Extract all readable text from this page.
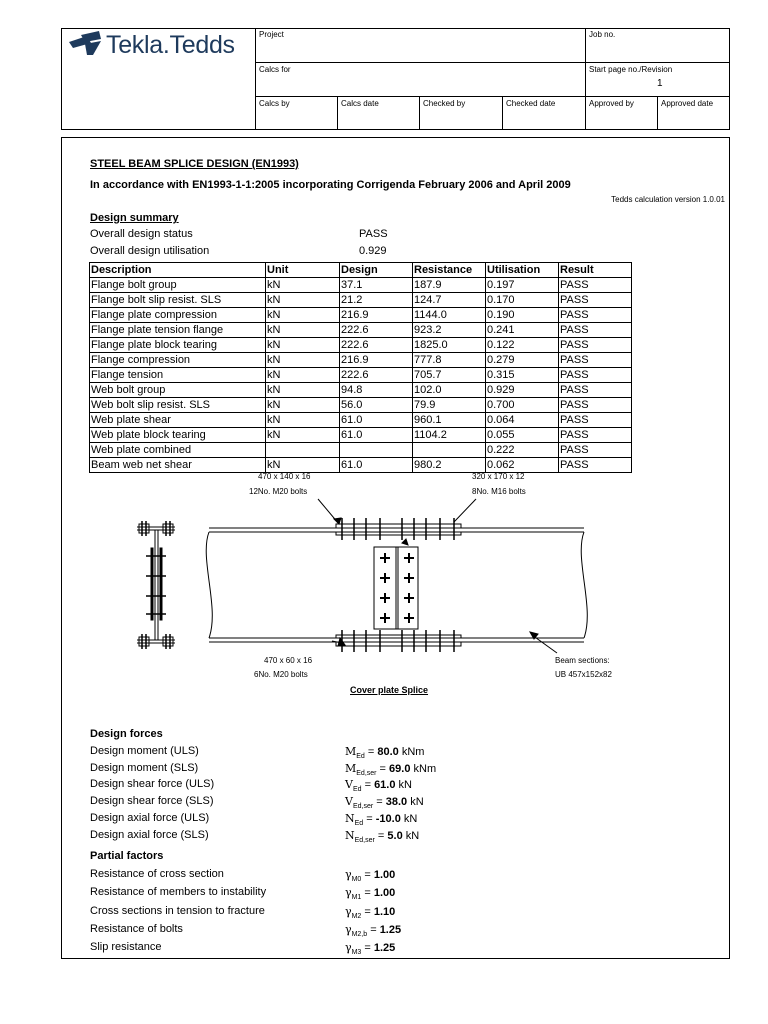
Tekla.Tedds	Project	Job no.
Calcs for	Start page no./Revision
1
Calcs by	Calcs date	Checked by	Checked date	Approved by	Approved date
STEEL BEAM SPLICE DESIGN (EN1993)
In accordance with EN1993-1-1:2005 incorporating Corrigenda February 2006 and April 2009
Tedds calculation version 1.0.01
Design summary
Overall design status	PASS
Overall design utilisation	0.929
Description	Unit	Design	Resistance	Utilisation	Result
Flange bolt group	kN	37.1	187.9	0.197	PASS
Flange bolt slip resist. SLS	kN	21.2	124.7	0.170	PASS
Flange plate compression	kN	216.9	1144.0	0.190	PASS
Flange plate tension flange	kN	222.6	923.2	0.241	PASS
Flange plate block tearing	kN	222.6	1825.0	0.122	PASS
Flange compression	kN	216.9	777.8	0.279	PASS
Flange tension	kN	222.6	705.7	0.315	PASS
Web bolt group	kN	94.8	102.0	0.929	PASS
Web bolt slip resist. SLS	kN	56.0	79.9	0.700	PASS
Web plate shear	kN	61.0	960.1	0.064	PASS
Web plate block tearing	kN	61.0	1104.2	0.055	PASS
Web plate combined				0.222	PASS
Beam web net shear	kN	61.0	980.2	0.062	PASS
470 x 140 x 16
12No. M20 bolts
320 x 170 x 12
8No. M16 bolts
470 x 60 x 16
6No. M20 bolts
Beam sections:
UB 457x152x82
Cover plate Splice
Design forces
Design moment (ULS)	$M_{Ed} = 80.0$ kNm
Design moment (SLS)	$M_{Ed,ser} = 69.0$ kNm
Design shear force (ULS)	$V_{Ed} = 61.0$ kN
Design shear force (SLS)	$V_{Ed,ser} = 38.0$ kN
Design axial force (ULS)	$N_{Ed} = -10.0$ kN
Design axial force (SLS)	$N_{Ed,ser} = 5.0$ kN
Partial factors
Resistance of cross section	$\gamma_{M0} = 1.00$
Resistance of members to instability	$\gamma_{M1} = 1.00$
Cross sections in tension to fracture	$\gamma_{M2} = 1.10$
Resistance of bolts	$\gamma_{M2,b} = 1.25$
Slip resistance	$\gamma_{M3} = 1.25$
